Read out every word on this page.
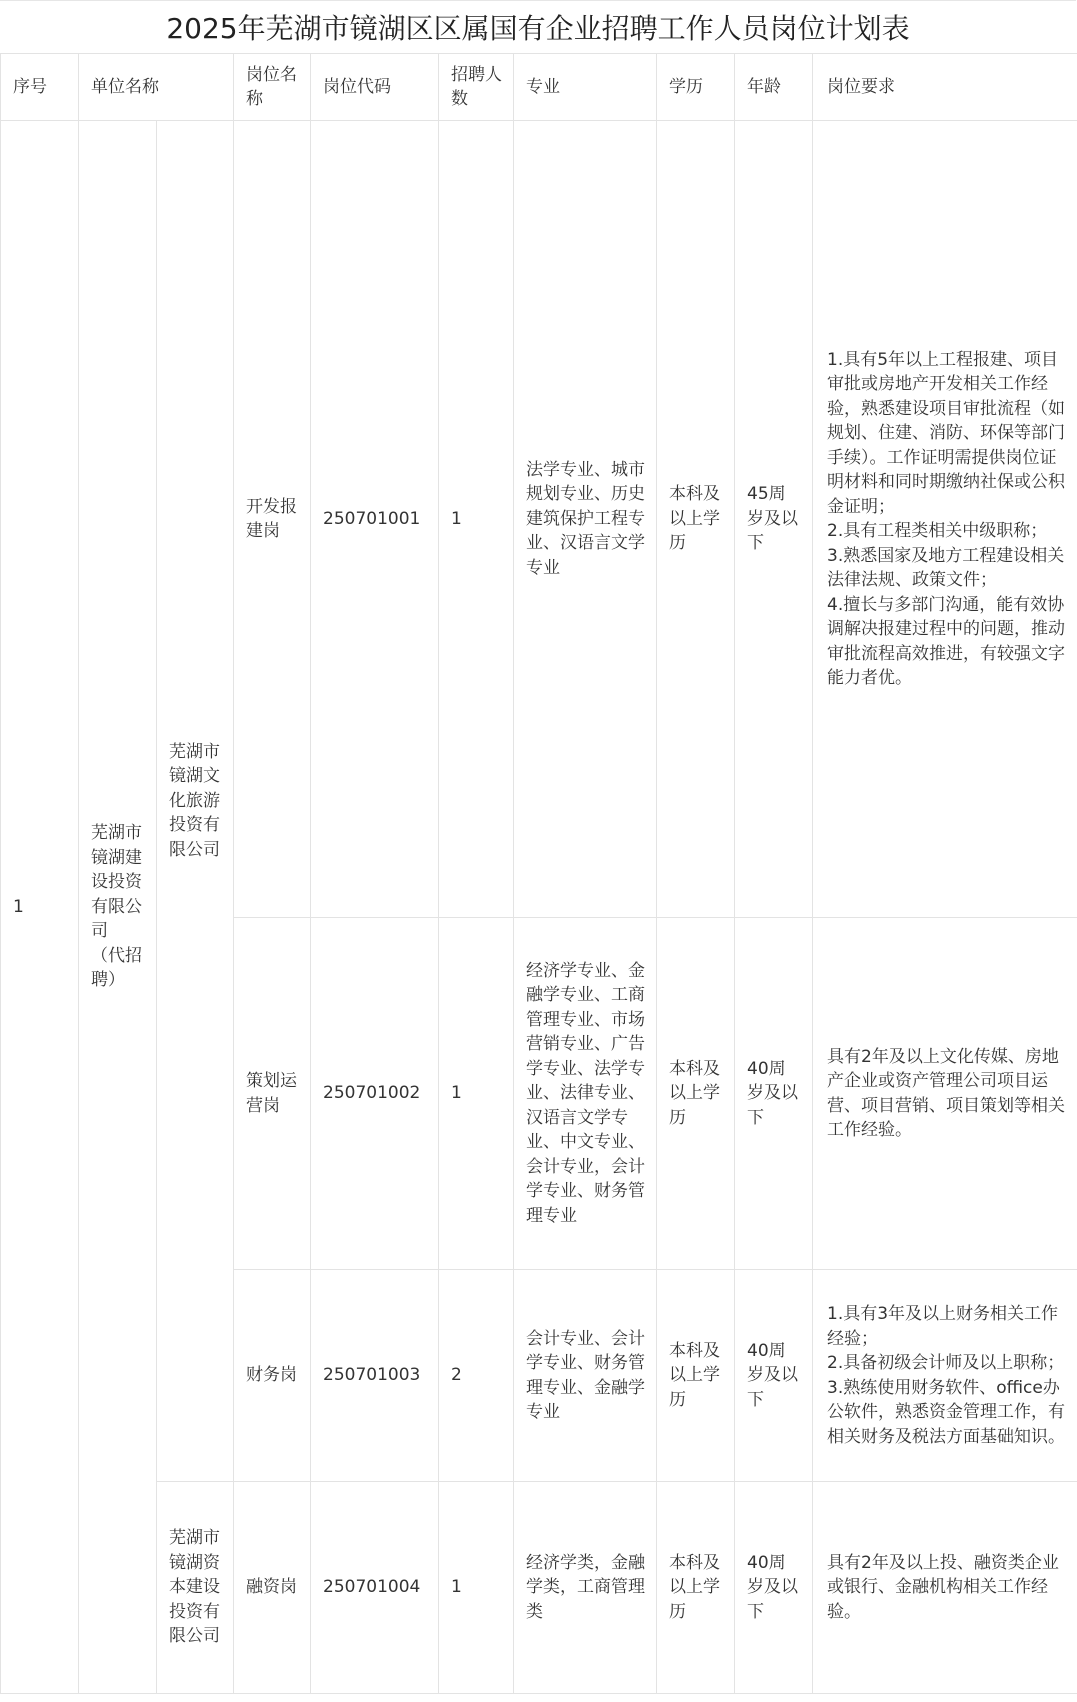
2025年芜湖市镜湖区区属国有企业招聘工作人员岗位计划表
序号	单位名称		岗位名称	岗位代码	招聘人数	专业	学历	年龄	岗位要求
1	芜湖市镜湖建设投资有限公司 （代招聘）	芜湖市镜湖文化旅游投资有限公司	开发报建岗	250701001	1	法学专业、城市规划专业、历史建筑保护工程专业、汉语言文学专业	本科及以上学历	45周岁及以下	1.具有5年以上工程报建、项目审批或房地产开发相关工作经验，熟悉建设项目审批流程（如规划、住建、消防、环保等部门手续）。工作证明需提供岗位证明材料和同时期缴纳社保或公积金证明；
2.具有工程类相关中级职称；
3.熟悉国家及地方工程建设相关法律法规、政策文件；
4.擅长与多部门沟通，能有效协调解决报建过程中的问题，推动审批流程高效推进，有较强文字能力者优。

			策划运营岗	250701002	1	经济学专业、金融学专业、工商管理专业、市场营销专业、广告学专业、法学专业、法律专业、汉语言文学专业、中文专业、会计专业，会计学专业、财务管理专业	本科及以上学历	40周岁及以下	具有2年及以上文化传媒、房地产企业或资产管理公司项目运营、项目营销、项目策划等相关工作经验。

			财务岗	250701003	2	会计专业、会计学专业、财务管理专业、金融学专业	本科及以上学历	40周岁及以下	1.具有3年及以上财务相关工作经验；
2.具备初级会计师及以上职称；
3.熟练使用财务软件、office办公软件，熟悉资金管理工作，有相关财务及税法方面基础知识。

		芜湖市镜湖资本建设投资有限公司	融资岗	250701004	1	经济学类，金融学类，工商管理类	本科及以上学历	40周岁及以下	具有2年及以上投、融资类企业或银行、金融机构相关工作经验。
